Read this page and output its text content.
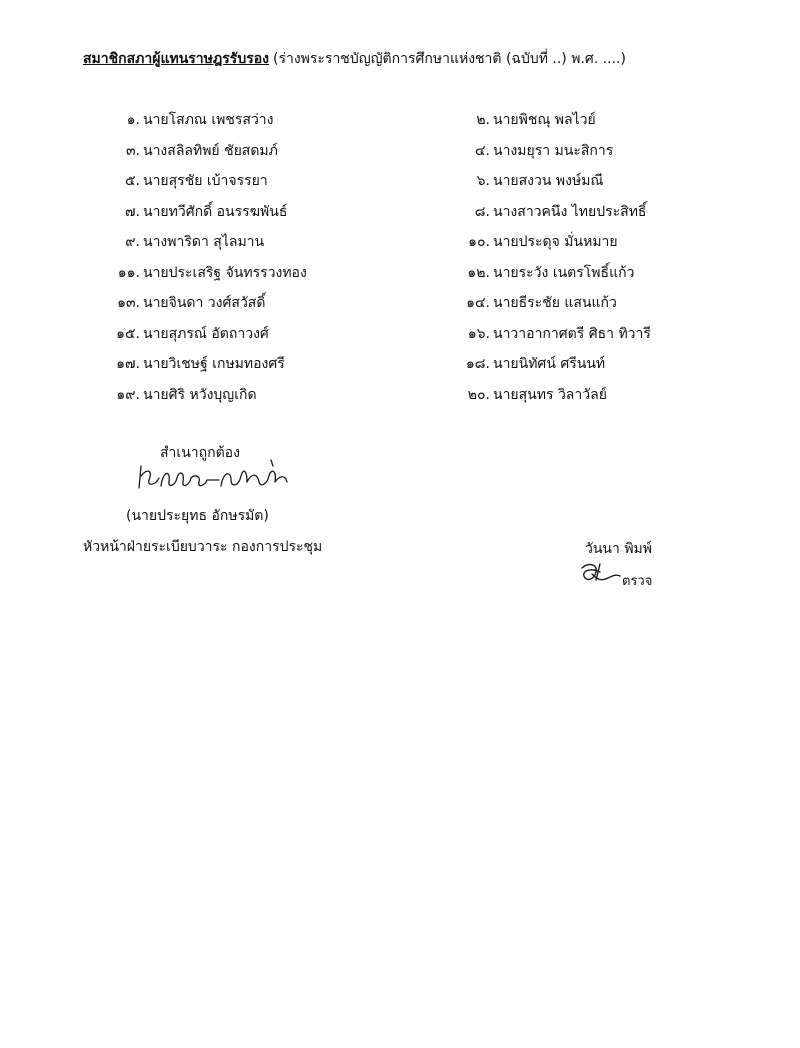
สมาชิกสภาผู้แทนราษฎรรับรอง (ร่างพระราชบัญญัติการศึกษาแห่งชาติ (ฉบับที่ ..) พ.ศ. ....)
๑. นายโสภณ เพชรสว่าง
๓. นางสลิลทิพย์ ชัยสดมภ์
๕. นายสุรชัย เบ้าจรรยา
๗. นายทวีศักดิ์ อนรรฆพันธ์
๙. นางพาริดา สุไลมาน
๑๑. นายประเสริฐ จันทรรวงทอง
๑๓. นายจินดา วงศ์สวัสดิ์
๑๕. นายสุภรณ์ อัตถาวงศ์
๑๗. นายวิเชษฐ์ เกษมทองศรี
๑๙. นายศิริ หวังบุญเกิด
๒. นายพิชณุ พลไวย์
๔. นางมยุรา มนะสิการ
๖. นายสงวน พงษ์มณี
๘. นางสาวคนึง ไทยประสิทธิ์
๑๐. นายประดุจ มั่นหมาย
๑๒. นายระวัง เนตรโพธิ์แก้ว
๑๔. นายธีระชัย แสนแก้ว
๑๖. นาวาอากาศตรี ศิธา ทิวารี
๑๘. นายนิทัศน์ ศรีนนท์
๒๐. นายสุนทร วิลาวัลย์
สำเนาถูกต้อง
(นายประยุทธ อักษรมัต)
หัวหน้าฝ่ายระเบียบวาระ กองการประชุม	วันนา พิมพ์
ตรวจ
